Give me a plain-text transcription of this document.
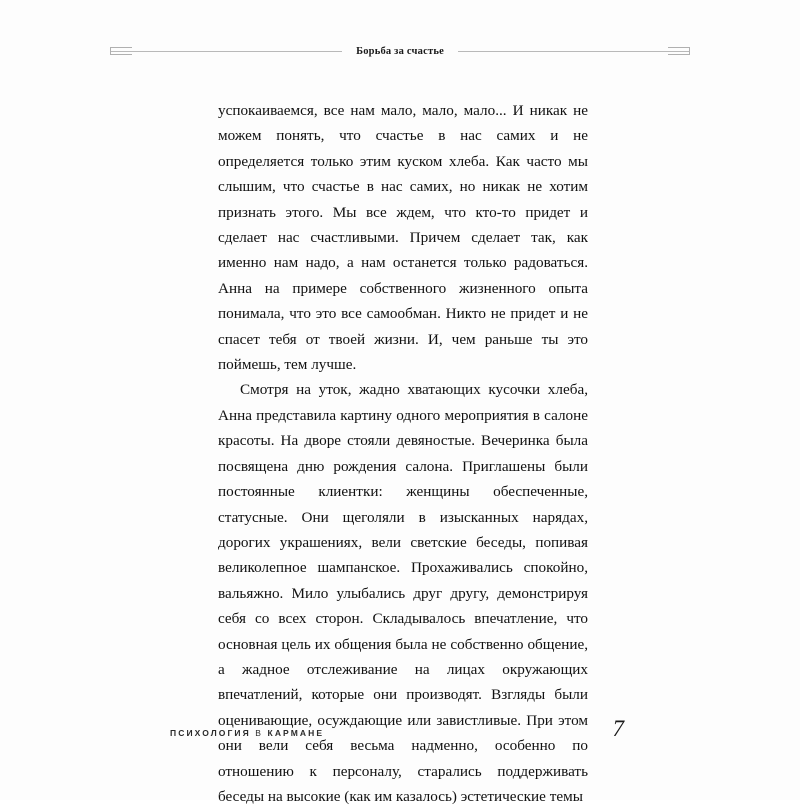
Борьба за счастье

успокаиваемся, все нам мало, мало, мало... И никак не можем понять, что счастье в нас самих и не определяется только этим куском хлеба. Как часто мы слышим, что счастье в нас самих, но никак не хотим признать этого. Мы все ждем, что кто-то придет и сделает нас счастливыми. Причем сделает так, как именно нам надо, а нам останется только радоваться. Анна на примере собственного жизненного опыта понимала, что это все самообман. Никто не придет и не спасет тебя от твоей жизни. И, чем раньше ты это поймешь, тем лучше.

Смотря на уток, жадно хватающих кусочки хлеба, Анна представила картину одного мероприятия в салоне красоты. На дворе стояли девяностые. Вечеринка была посвящена дню рождения салона. Приглашены были постоянные клиентки: женщины обеспеченные, статусные. Они щеголяли в изысканных нарядах, дорогих украшениях, вели светские беседы, попивая великолепное шампанское. Прохаживались спокойно, вальяжно. Мило улыбались друг другу, демонстрируя себя со всех сторон. Складывалось впечатление, что основная цель их общения была не собственно общение, а жадное отслеживание на лицах окружающих впечатлений, которые они производят. Взгляды были оценивающие, осуждающие или завистливые. При этом они вели себя весьма надменно, особенно по отношению к персоналу, старались поддерживать беседы на высокие (как им казалось) эстетические темы

ПСИХОЛОГИЯ В КАРМАНЕ	7
